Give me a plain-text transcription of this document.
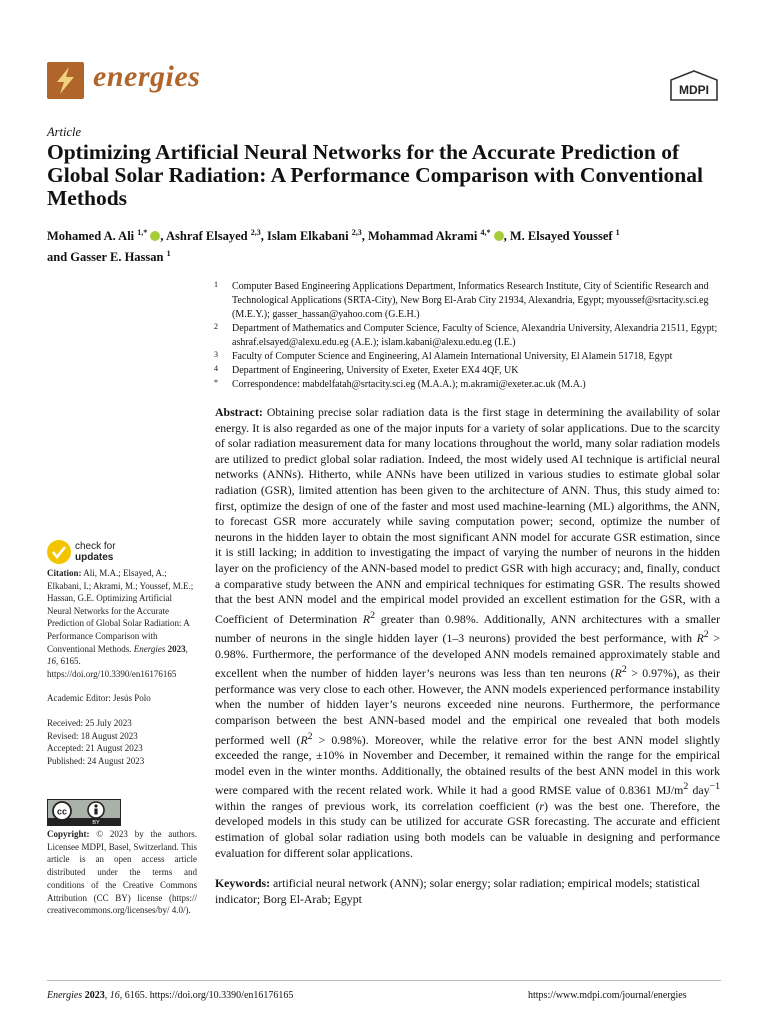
energies	MDPI
Article
Optimizing Artificial Neural Networks for the Accurate Prediction of Global Solar Radiation: A Performance Comparison with Conventional Methods
Mohamed A. Ali $^{1,*}$ , Ashraf Elsayed $^{2,3}$, Islam Elkabani $^{2,3}$, Mohammad Akrami $^{4,*}$ , M. Elsayed Youssef $^1$
and Gasser E. Hassan $^1$
1 Computer Based Engineering Applications Department, Informatics Research Institute, City of Scientific Research and Technological Applications (SRTA-City), New Borg El-Arab City 21934, Alexandria, Egypt; myoussef@srtacity.sci.eg (M.E.Y.); gasser_hassan@yahoo.com (G.E.H.)
2 Department of Mathematics and Computer Science, Faculty of Science, Alexandria University, Alexandria 21511, Egypt; ashraf.elsayed@alexu.edu.eg (A.E.); islam.kabani@alexu.edu.eg (I.E.)
3 Faculty of Computer Science and Engineering, Al Alamein International University, El Alamein 51718, Egypt
4 Department of Engineering, University of Exeter, Exeter EX4 4QF, UK
* Correspondence: mabdelfatah@srtacity.sci.eg (M.A.A.); m.akrami@exeter.ac.uk (M.A.)
Abstract: Obtaining precise solar radiation data is the first stage in determining the availability of solar energy. It is also regarded as one of the major inputs for a variety of solar applications. Due to the scarcity of solar radiation measurement data for many locations throughout the world, many solar radiation models are utilized to predict global solar radiation. Indeed, the most widely used AI technique is artificial neural networks (ANNs). Hitherto, while ANNs have been utilized in various studies to estimate global solar radiation (GSR), limited attention has been given to the architecture of ANN. Thus, this study aimed to: first, optimize the design of one of the faster and most used machine-learning (ML) algorithms, the ANN, to forecast GSR more accurately while saving computation power; second, optimize the number of neurons in the hidden layer to obtain the most significant ANN model for accurate GSR estimation, since it is still lacking; in addition to investigating the impact of varying the number of neurons in the hidden layer on the proficiency of the ANN-based model to predict GSR with high accuracy; and, finally, conduct a comparative study between the ANN and empirical techniques for estimating GSR. The results showed that the best ANN model and the empirical model provided an excellent estimation for the GSR, with a Coefficient of Determination $R^2$ greater than 0.98%. Additionally, ANN architectures with a smaller number of neurons in the single hidden layer (1–3 neurons) provided the best performance, with $R^2 > 0.98\%$. Furthermore, the performance of the developed ANN models remained approximately stable and excellent when the number of hidden layer’s neurons was less than ten neurons $(R^2 > 0.97\%)$, as their performance was very close to each other. However, the ANN models experienced performance instability when the number of hidden layer’s neurons exceeded nine neurons. Furthermore, the performance comparison between the best ANN-based model and the empirical one revealed that both models performed well $(R^2 > 0.98\%)$. Moreover, while the relative error for the best ANN model slightly exceeded the range, ±10% in November and December, it remained within the range for the empirical model even in the winter months. Additionally, the obtained results of the best ANN model in this work were compared with the recent related work. While it had a good RMSE value of 0.8361 $MJ/m^2$ day$^{-1}$ within the ranges of previous work, its correlation coefficient (r) was the best one. Therefore, the developed models in this study can be utilized for accurate GSR forecasting. The accurate and efficient estimation of global solar radiation using both models can be valuable in designing and performance evaluation for different solar applications.
Keywords: artificial neural network (ANN); solar energy; solar radiation; empirical models; statistical indicator; Borg El-Arab; Egypt
check for
updates

Citation: Ali, M.A.; Elsayed, A.; Elkabani, I.; Akrami, M.; Youssef, M.E.; Hassan, G.E. Optimizing Artificial Neural Networks for the Accurate Prediction of Global Solar Radiation: A Performance Comparison with Conventional Methods. Energies 2023, 16, 6165. https://doi.org/10.3390/en16176165

Academic Editor: Jesús Polo

Received: 25 July 2023

Revised: 18 August 2023

Accepted: 21 August 2023

Published: 24 August 2023

cc
BY
Copyright: © 2023 by the authors. Licensee MDPI, Basel, Switzerland. This article is an open access article distributed under the terms and conditions of the Creative Commons Attribution (CC BY) license (https:// creativecommons.org/licenses/by/ 4.0/).
Energies 2023, 16, 6165. https://doi.org/10.3390/en16176165	https://www.mdpi.com/journal/energies
